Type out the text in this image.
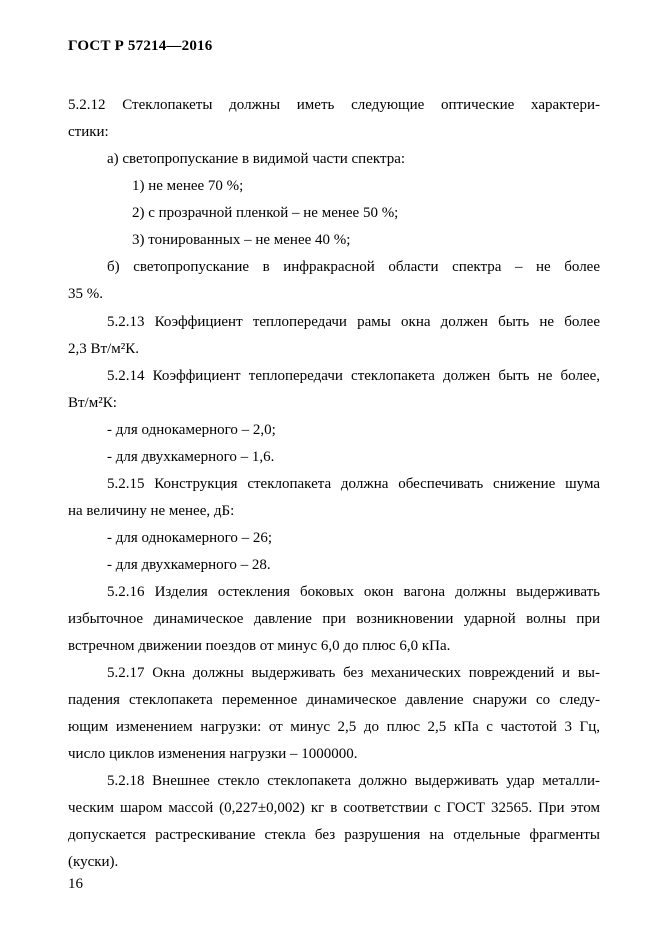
ГОСТ Р 57214—2016
5.2.12 Стеклопакеты должны иметь следующие оптические характери-
стики:
а) светопропускание в видимой части спектра:
1) не менее 70 %;
2) с прозрачной пленкой – не менее 50 %;
3) тонированных – не менее 40 %;
б) светопропускание в инфракрасной области спектра – не более
35 %.
5.2.13 Коэффициент теплопередачи рамы окна должен быть не более
2,3 Вт/м²К.
5.2.14 Коэффициент теплопередачи стеклопакета должен быть не более,
Вт/м²К:
- для однокамерного – 2,0;
- для двухкамерного – 1,6.
5.2.15 Конструкция стеклопакета должна обеспечивать снижение шума
на величину не менее, дБ:
- для однокамерного – 26;
- для двухкамерного – 28.
5.2.16 Изделия остекления боковых окон вагона должны выдерживать
избыточное динамическое давление при возникновении ударной волны при
встречном движении поездов от минус 6,0 до плюс 6,0 кПа.
5.2.17 Окна должны выдерживать без механических повреждений и вы-
падения стеклопакета переменное динамическое давление снаружи со следу-
ющим изменением нагрузки: от минус 2,5 до плюс 2,5 кПа с частотой 3 Гц,
число циклов изменения нагрузки – 1000000.
5.2.18 Внешнее стекло стеклопакета должно выдерживать удар металли-
ческим шаром массой (0,227±0,002) кг в соответствии с ГОСТ 32565. При этом
допускается растрескивание стекла без разрушения на отдельные фрагменты
(куски).
16
